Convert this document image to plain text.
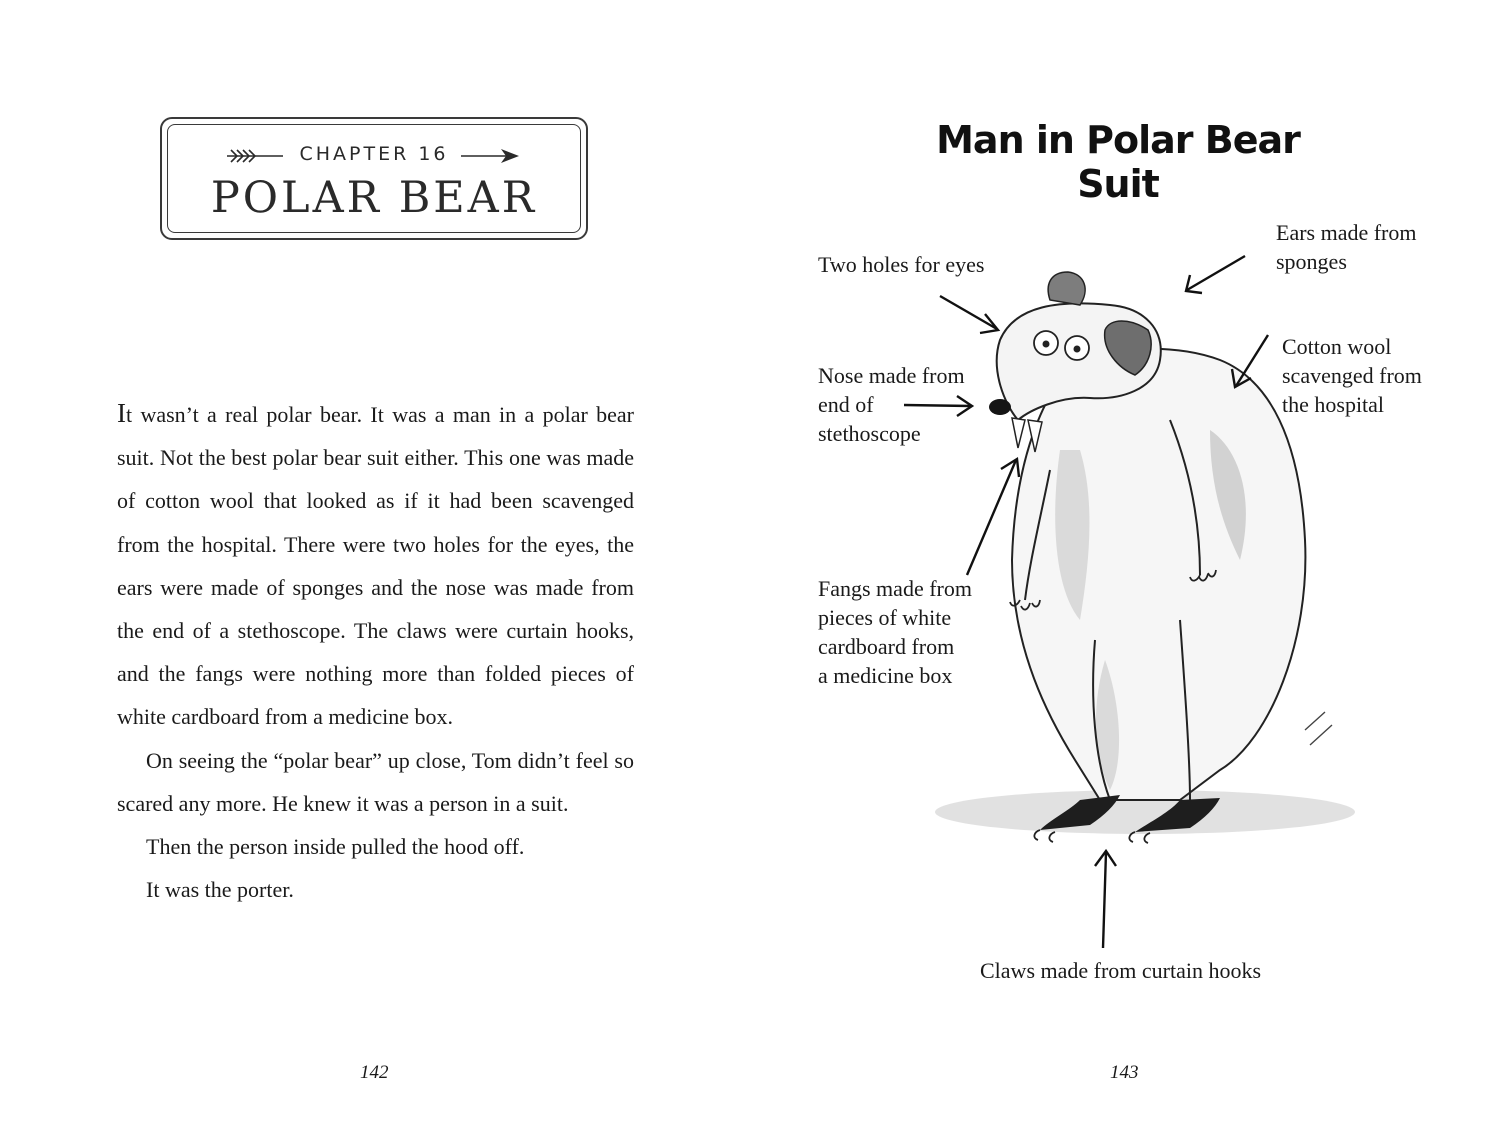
CHAPTER 16
POLAR BEAR

It wasn’t a real polar bear. It was a man in a polar bear suit. Not the best polar bear suit either. This one was made of cotton wool that looked as if it had been scavenged from the hospital. There were two holes for the eyes, the ears were made of sponges and the nose was made from the end of a stethoscope. The claws were curtain hooks, and the fangs were nothing more than folded pieces of white cardboard from a medicine box.

On seeing the “polar bear” up close, Tom didn’t feel so scared any more. He knew it was a person in a suit.

Then the person inside pulled the hood off.

It was the porter.

142
Man in Polar Bear Suit
Two holes for eyes
Ears made from
sponges
Cotton wool
scavenged from
the hospital
Nose made from
end of
stethoscope
Fangs made from
pieces of white
cardboard from
a medicine box
Claws made from curtain hooks
143
